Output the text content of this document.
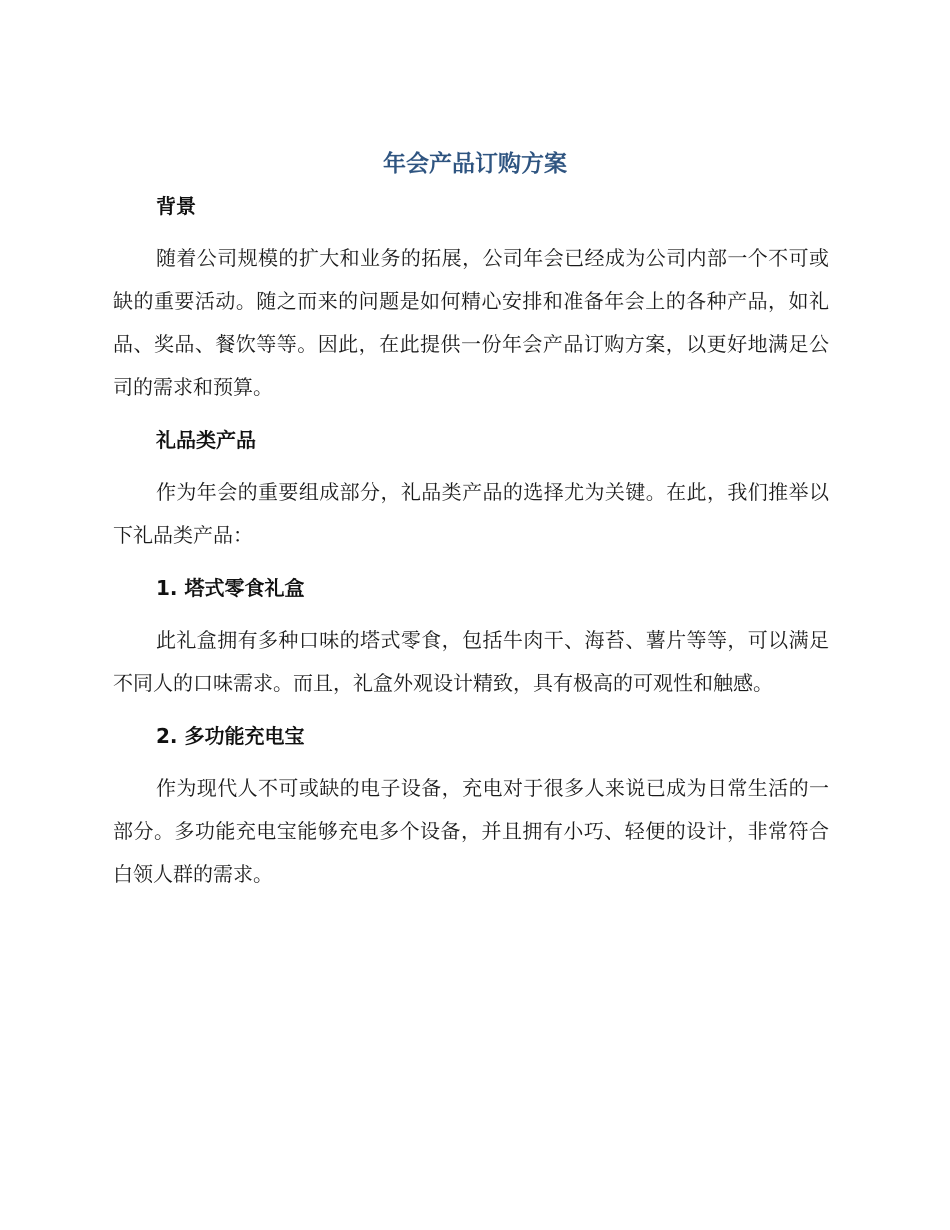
年会产品订购方案
背景

随着公司规模的扩大和业务的拓展，公司年会已经成为公司内部一个不可或缺的重要活动。随之而来的问题是如何精心安排和准备年会上的各种产品，如礼品、奖品、餐饮等等。因此，在此提供一份年会产品订购方案，以更好地满足公司的需求和预算。

礼品类产品

作为年会的重要组成部分，礼品类产品的选择尤为关键。在此，我们推举以下礼品类产品：

1. 塔式零食礼盒

此礼盒拥有多种口味的塔式零食，包括牛肉干、海苔、薯片等等，可以满足不同人的口味需求。而且，礼盒外观设计精致，具有极高的可观性和触感。

2. 多功能充电宝

作为现代人不可或缺的电子设备，充电对于很多人来说已成为日常生活的一部分。多功能充电宝能够充电多个设备，并且拥有小巧、轻便的设计，非常符合白领人群的需求。
